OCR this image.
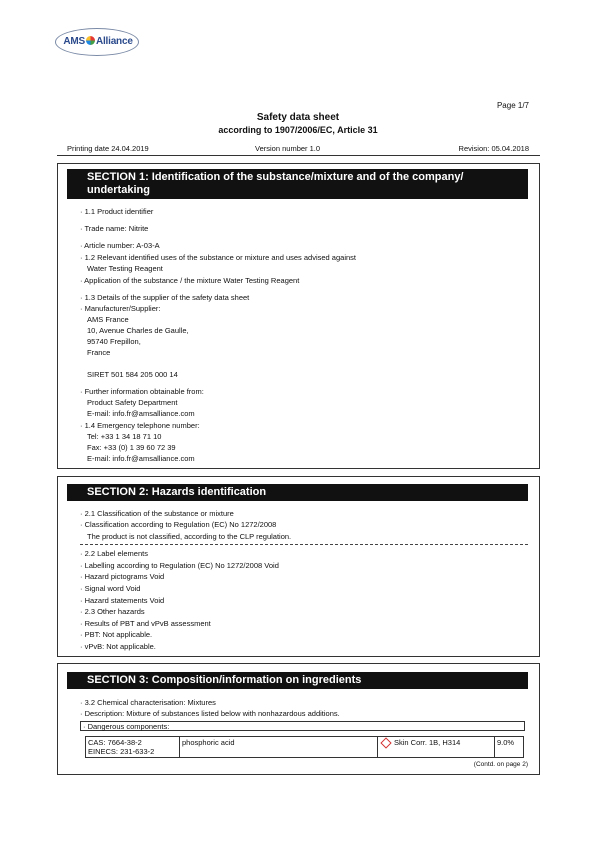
AMS Alliance
Page 1/7
Safety data sheet
according to 1907/2006/EC, Article 31
Printing date 24.04.2019	Version number 1.0	Revision: 05.04.2018
SECTION 1: Identification of the substance/mixture and of the company/
undertaking
· 1.1 Product identifier
· Trade name: Nitrite
· Article number: A-03-A
· 1.2 Relevant identified uses of the substance or mixture and uses advised against
Water Testing Reagent
· Application of the substance / the mixture Water Testing Reagent
· 1.3 Details of the supplier of the safety data sheet
· Manufacturer/Supplier:
AMS France
10, Avenue Charles de Gaulle,
95740 Frepillon,
France
SIRET 501 584 205 000 14
· Further information obtainable from:
Product Safety Department
E-mail: info.fr@amsalliance.com
· 1.4 Emergency telephone number:
Tel: +33 1 34 18 71 10
Fax: +33 (0) 1 39 60 72 39
E-mail: info.fr@amsalliance.com
SECTION 2: Hazards identification
· 2.1 Classification of the substance or mixture
· Classification according to Regulation (EC) No 1272/2008
The product is not classified, according to the CLP regulation.
· 2.2 Label elements
· Labelling according to Regulation (EC) No 1272/2008 Void
· Hazard pictograms Void
· Signal word Void
· Hazard statements Void
· 2.3 Other hazards
· Results of PBT and vPvB assessment
· PBT: Not applicable.
· vPvB: Not applicable.
SECTION 3: Composition/information on ingredients
· 3.2 Chemical characterisation: Mixtures
· Description: Mixture of substances listed below with nonhazardous additions.
· Dangerous components:
CAS: 7664-38-2
EINECS: 231-633-2
	phosphoric acid	Skin Corr. 1B, H314	9.0%
(Contd. on page 2)
